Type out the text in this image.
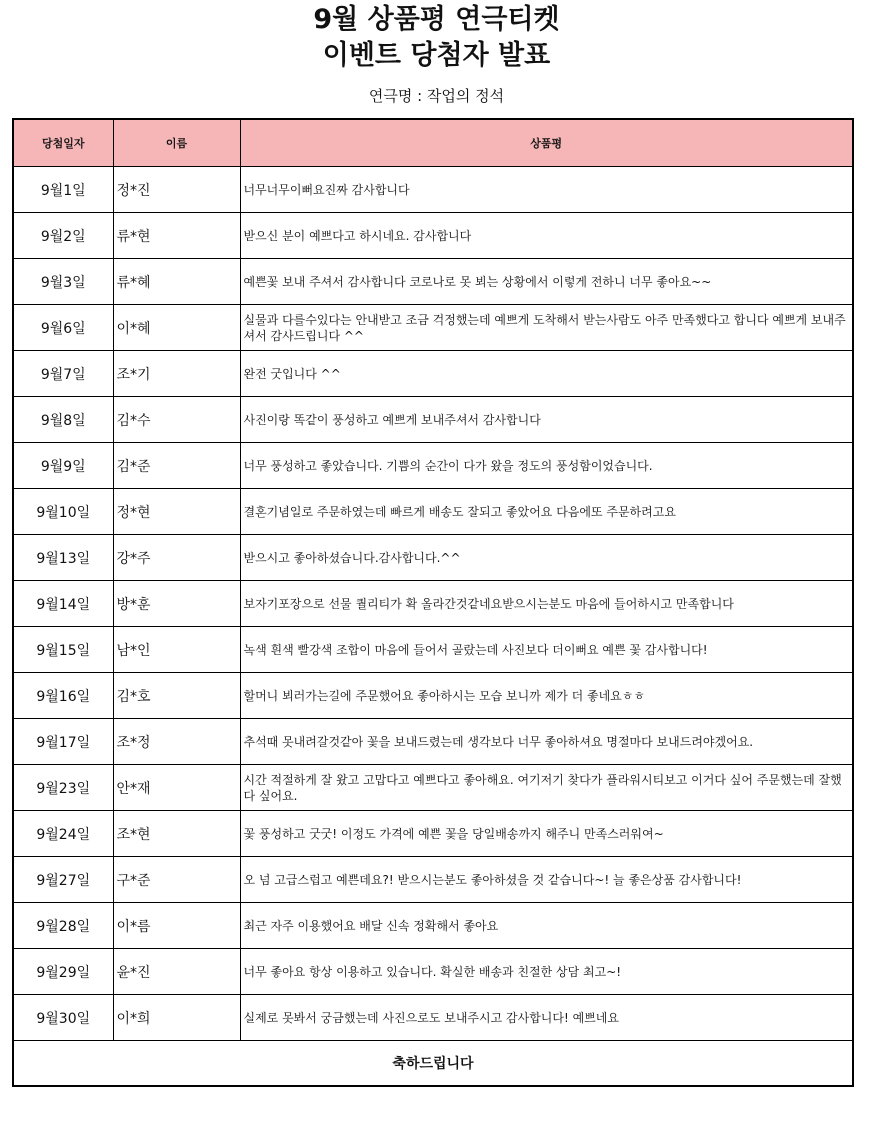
9월 상품평 연극티켓
이벤트 당첨자 발표
연극명 : 작업의 정석
당첨일자	이름	상품평
9월1일	정*진	너무너무이뻐요진짜 감사합니다
9월2일	류*현	받으신 분이 예쁘다고 하시네요. 감사합니다
9월3일	류*혜	예쁜꽃 보내 주셔서 감사합니다 코로나로 못 뵈는 상황에서 이렇게 전하니 너무 좋아요~~
9월6일	이*혜	실물과 다를수있다는 안내받고 조금 걱정했는데 예쁘게 도착해서 받는사람도 아주 만족했다고 합니다 예쁘게 보내주셔서 감사드립니다 ^^
9월7일	조*기	완전 굿입니다 ^^
9월8일	김*수	사진이랑 똑같이 풍성하고 예쁘게 보내주셔서 감사합니다
9월9일	김*준	너무 풍성하고 좋았습니다. 기쁨의 순간이 다가 왔을 정도의 풍성함이었습니다.
9월10일	정*현	결혼기념일로 주문하였는데 빠르게 배송도 잘되고 좋았어요 다음에또 주문하려고요
9월13일	강*주	받으시고 좋아하셨습니다.감사합니다.^^
9월14일	방*훈	보자기포장으로 선물 퀄리티가 확 올라간것같네요받으시는분도 마음에 들어하시고 만족합니다
9월15일	남*인	녹색 흰색 빨강색 조합이 마음에 들어서 골랐는데 사진보다 더이뻐요 예쁜 꽃 감사합니다!
9월16일	김*호	할머니 뵈러가는길에 주문했어요 좋아하시는 모습 보니까 제가 더 좋네요ㅎㅎ
9월17일	조*정	추석때 못내려갈것같아 꽃을 보내드렸는데 생각보다 너무 좋아하셔요 명절마다 보내드려야겠어요.
9월23일	안*재	시간 적절하게 잘 왔고 고맙다고 예쁘다고 좋아해요. 여기저기 찾다가 플라워시티보고 이거다 싶어 주문했는데 잘했다 싶어요.
9월24일	조*현	꽃 풍성하고 굿굿! 이정도 가격에 예쁜 꽃을 당일배송까지 해주니 만족스러워여~
9월27일	구*준	오 넘 고급스럽고 예쁜데요?! 받으시는분도 좋아하셨을 것 같습니다~! 늘 좋은상품 감사합니다!
9월28일	이*름	최근 자주 이용했어요 배달 신속 정확해서 좋아요
9월29일	윤*진	너무 좋아요 항상 이용하고 있습니다. 확실한 배송과 친절한 상담 최고~!
9월30일	이*희	실제로 못봐서 궁금했는데 사진으로도 보내주시고 감사합니다! 예쁘네요
축하드립니다		
